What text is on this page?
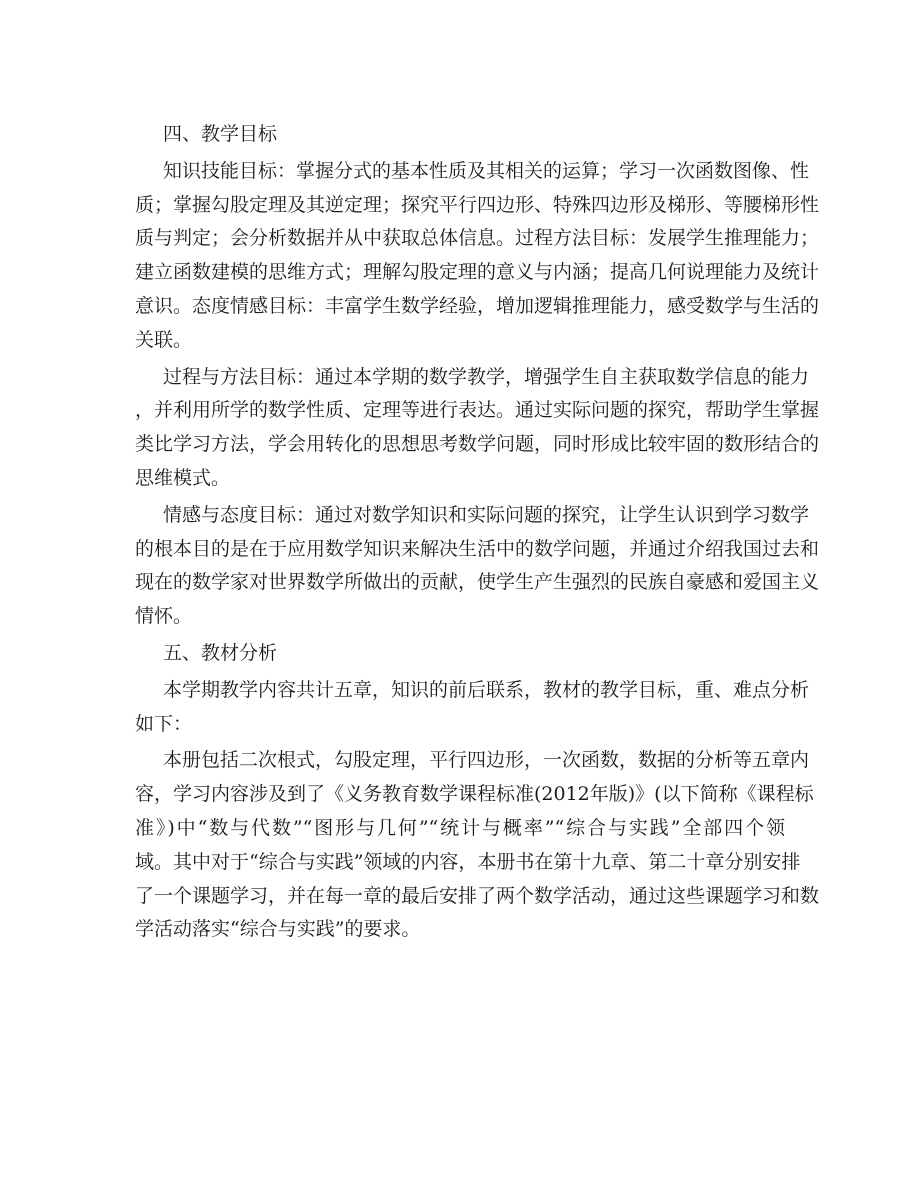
四、教学目标
知识技能目标：掌握分式的基本性质及其相关的运算；学习一次函数图像、性
质；掌握勾股定理及其逆定理；探究平行四边形、特殊四边形及梯形、等腰梯形性
质与判定；会分析数据并从中获取总体信息。过程方法目标：发展学生推理能力；
建立函数建模的思维方式；理解勾股定理的意义与内涵；提高几何说理能力及统计
意识。态度情感目标：丰富学生数学经验，增加逻辑推理能力，感受数学与生活的
关联。
过程与方法目标：通过本学期的数学教学，增强学生自主获取数学信息的能力
，并利用所学的数学性质、定理等进行表达。通过实际问题的探究，帮助学生掌握
类比学习方法，学会用转化的思想思考数学问题，同时形成比较牢固的数形结合的
思维模式。
情感与态度目标：通过对数学知识和实际问题的探究，让学生认识到学习数学
的根本目的是在于应用数学知识来解决生活中的数学问题，并通过介绍我国过去和
现在的数学家对世界数学所做出的贡献，使学生产生强烈的民族自豪感和爱国主义
情怀。
五、教材分析
本学期教学内容共计五章，知识的前后联系，教材的教学目标，重、难点分析
如下：
本册包括二次根式，勾股定理，平行四边形，一次函数，数据的分析等五章内
容，学习内容涉及到了《义务教育数学课程标准(2012年版)》(以下简称《课程标
准》)中“数与代数”“图形与几何”“统计与概率”“综合与实践”全部四个领
域。其中对于“综合与实践”领域的内容，本册书在第十九章、第二十章分别安排
了一个课题学习，并在每一章的最后安排了两个数学活动，通过这些课题学习和数
学活动落实“综合与实践”的要求。
